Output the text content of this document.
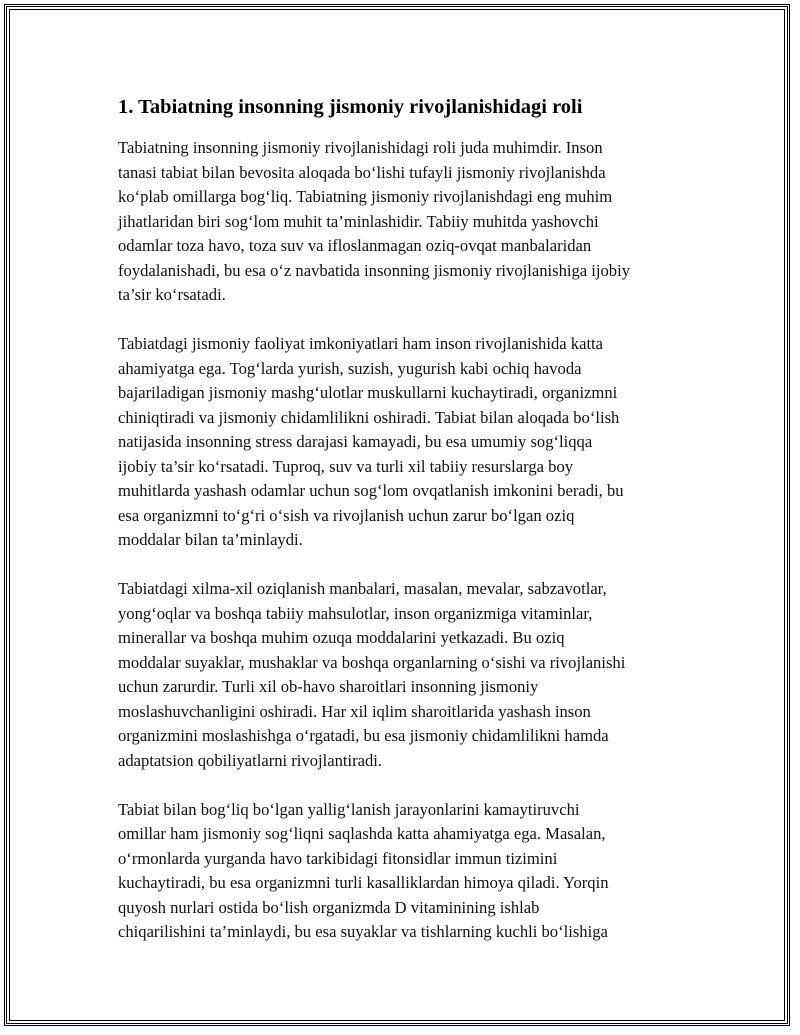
1. Tabiatning insonning jismoniy rivojlanishidagi roli

Tabiatning insonning jismoniy rivojlanishidagi roli juda muhimdir. Inson
tanasi tabiat bilan bevosita aloqada bo‘lishi tufayli jismoniy rivojlanishda
ko‘plab omillarga bog‘liq. Tabiatning jismoniy rivojlanishdagi eng muhim
jihatlaridan biri sog‘lom muhit ta’minlashidir. Tabiiy muhitda yashovchi
odamlar toza havo, toza suv va ifloslanmagan oziq-ovqat manbalaridan
foydalanishadi, bu esa o‘z navbatida insonning jismoniy rivojlanishiga ijobiy
ta’sir ko‘rsatadi.

Tabiatdagi jismoniy faoliyat imkoniyatlari ham inson rivojlanishida katta
ahamiyatga ega. Tog‘larda yurish, suzish, yugurish kabi ochiq havoda
bajariladigan jismoniy mashg‘ulotlar muskullarni kuchaytiradi, organizmni
chiniqtiradi va jismoniy chidamlilikni oshiradi. Tabiat bilan aloqada bo‘lish
natijasida insonning stress darajasi kamayadi, bu esa umumiy sog‘liqqa
ijobiy ta’sir ko‘rsatadi. Tuproq, suv va turli xil tabiiy resurslarga boy
muhitlarda yashash odamlar uchun sog‘lom ovqatlanish imkonini beradi, bu
esa organizmni to‘g‘ri o‘sish va rivojlanish uchun zarur bo‘lgan oziq
moddalar bilan ta’minlaydi.

Tabiatdagi xilma-xil oziqlanish manbalari, masalan, mevalar, sabzavotlar,
yong‘oqlar va boshqa tabiiy mahsulotlar, inson organizmiga vitaminlar,
minerallar va boshqa muhim ozuqa moddalarini yetkazadi. Bu oziq
moddalar suyaklar, mushaklar va boshqa organlarning o‘sishi va rivojlanishi
uchun zarurdir. Turli xil ob-havo sharoitlari insonning jismoniy
moslashuvchanligini oshiradi. Har xil iqlim sharoitlarida yashash inson
organizmini moslashishga o‘rgatadi, bu esa jismoniy chidamlilikni hamda
adaptatsion qobiliyatlarni rivojlantiradi.

Tabiat bilan bog‘liq bo‘lgan yallig‘lanish jarayonlarini kamaytiruvchi
omillar ham jismoniy sog‘liqni saqlashda katta ahamiyatga ega. Masalan,
o‘rmonlarda yurganda havo tarkibidagi fitonsidlar immun tizimini
kuchaytiradi, bu esa organizmni turli kasalliklardan himoya qiladi. Yorqin
quyosh nurlari ostida bo‘lish organizmda D vitaminining ishlab
chiqarilishini ta’minlaydi, bu esa suyaklar va tishlarning kuchli bo‘lishiga
